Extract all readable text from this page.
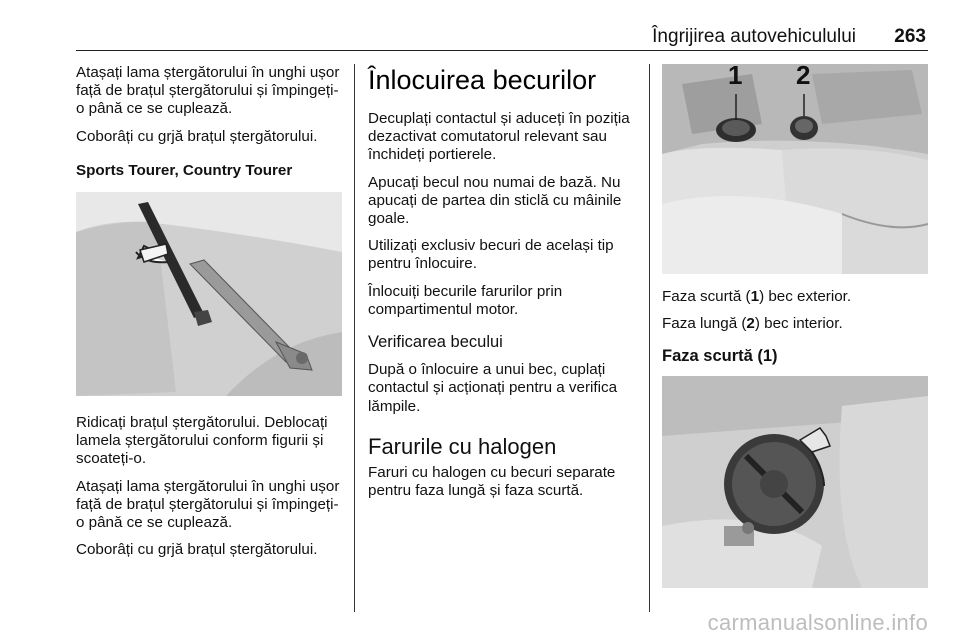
Îngrijirea autovehiculului 263

Atașați lama ștergătorului în unghi ușor față de brațul ștergătorului și împingeți-o până ce se cuplează.

Coborâți cu grjă brațul ștergătorului.

Sports Tourer, Country Tourer

Ridicați brațul ștergătorului. Deblocați lamela ștergătorului conform figurii și scoateți-o.

Atașați lama ștergătorului în unghi ușor față de brațul ștergătorului și împingeți-o până ce se cuplează.

Coborâți cu grjă brațul ștergătorului.

Înlocuirea becurilor

Decuplați contactul și aduceți în poziția dezactivat comutatorul relevant sau închideți portierele.

Apucați becul nou numai de bază. Nu apucați de partea din sticlă cu mâinile goale.

Utilizați exclusiv becuri de același tip pentru înlocuire.

Înlocuiți becurile farurilor prin compartimentul motor.

Verificarea becului

După o înlocuire a unui bec, cuplați contactul și acționați pentru a verifica lămpile.

Farurile cu halogen

Faruri cu halogen cu becuri separate pentru faza lungă și faza scurtă.

1 2

Faza scurtă (1) bec exterior.

Faza lungă (2) bec interior.

Faza scurtă (1)
carmanualsonline.info
